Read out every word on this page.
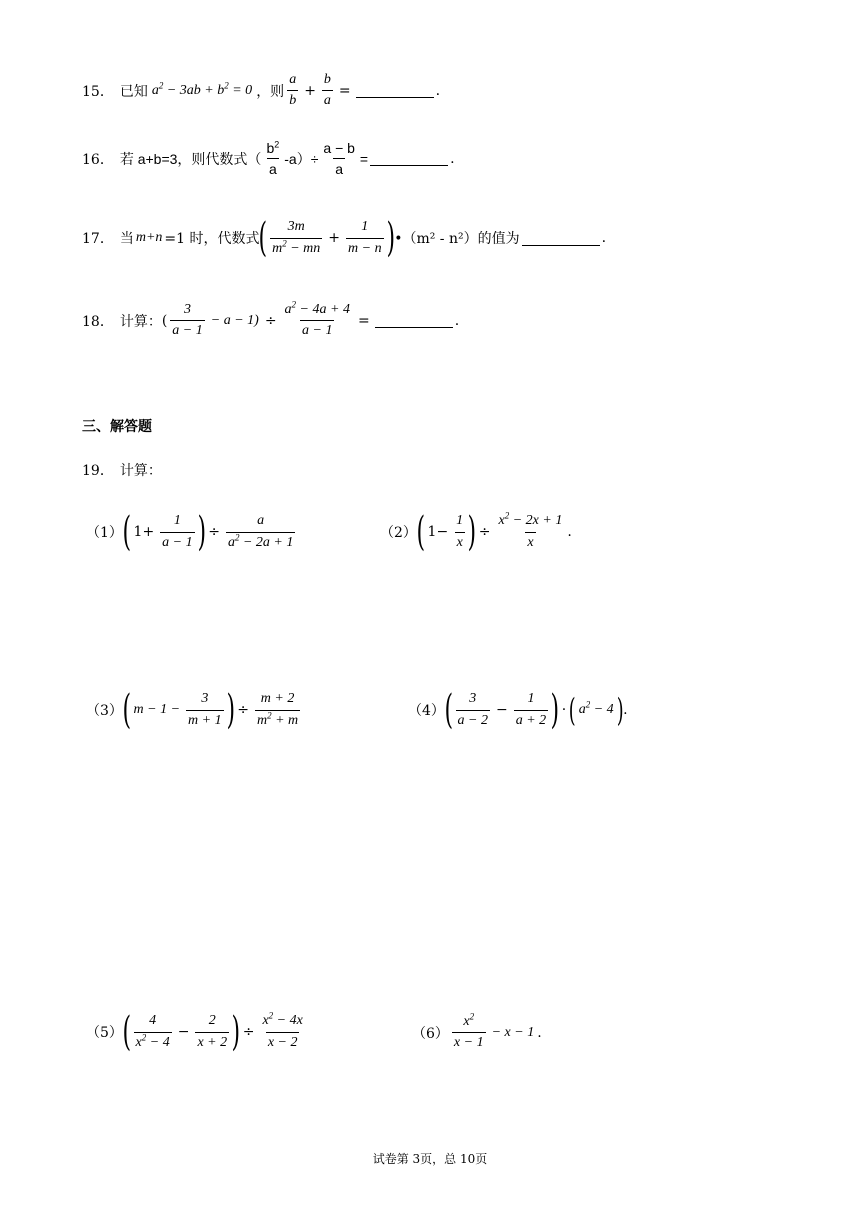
15． 已知 $a^2 - 3ab + b^2 = 0$ ，则 $\frac{a}{b} + \frac{b}{a}$ =	.
16． 若 a+b=3，则代数式（ $\frac{b^2}{a} -a)\div \frac{a - b}{a}$ =	.
17． 当 m+n =1 时，代数式 ( $\frac{3m}{m^2 - mn} + \frac{1}{m - n}$ ) •（m² - n²）的值为	.
18． 计算： ( $\frac{3}{a - 1} - a - 1) \div \frac{a^2 - 4a + 4}{a - 1}$ =	.
三、解答题
19． 计算：
（1） ( $1+ \frac{1}{a - 1}$ ) ÷ $\frac{a}{a^2 - 2a + 1}$	（2） ( $1- \frac{1}{x}$ ) ÷ $\frac{x^2 - 2x + 1}{x}$ .
（3） ( $m - 1 - \frac{3}{m + 1}$ ) ÷ $\frac{m + 2}{m^2 + m}$	（4） ( $\frac{3}{a - 2} - \frac{1}{a + 2}$ ) · ( $a^2 - 4$ ) .
（5） ( $\frac{4}{x^2 - 4} - \frac{2}{x + 2}$ ) ÷ $\frac{x^2 - 4x}{x - 2}$	$(6) \frac{x^2}{x - 1} - x - 1$ .
试卷第 3页，总 10页
